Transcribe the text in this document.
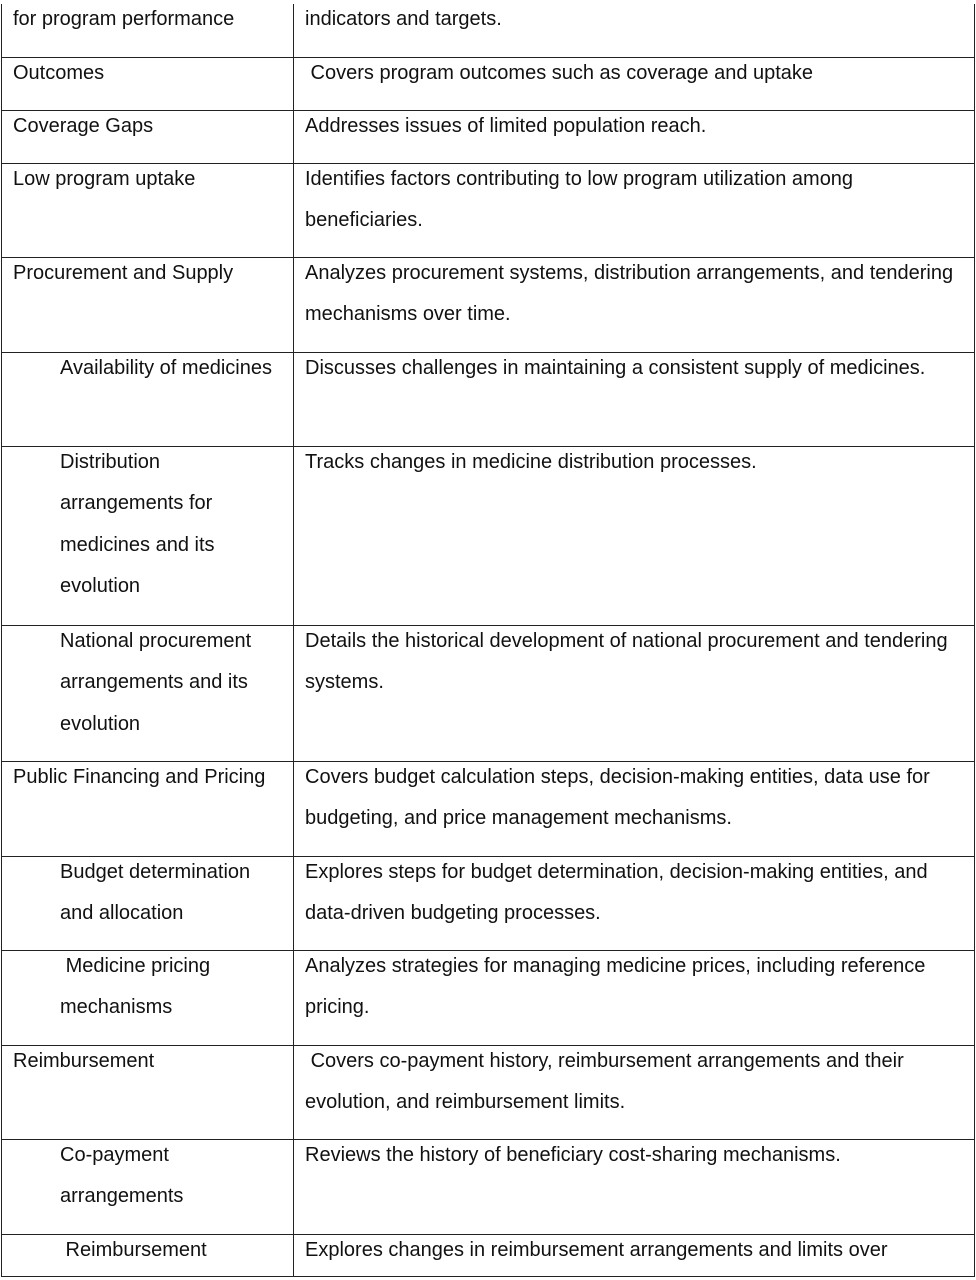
for program performance	indicators and targets.

Outcomes	Covers program outcomes such as coverage and uptake

Coverage Gaps	Addresses issues of limited population reach.

Low program uptake	Identifies factors contributing to low program utilization among beneficiaries.

Procurement and Supply	Analyzes procurement systems, distribution arrangements, and tendering mechanisms over time.

Availability of medicines	Discusses challenges in maintaining a consistent supply of medicines.

Distribution arrangements for medicines and its evolution	Tracks changes in medicine distribution processes.

National procurement arrangements and its evolution	Details the historical development of national procurement and tendering systems.

Public Financing and Pricing	Covers budget calculation steps, decision-making entities, data use for budgeting, and price management mechanisms.

Budget determination and allocation	Explores steps for budget determination, decision-making entities, and data-driven budgeting processes.

Medicine pricing mechanisms	Analyzes strategies for managing medicine prices, including reference pricing.

Reimbursement	Covers co-payment history, reimbursement arrangements and their evolution, and reimbursement limits.

Co-payment arrangements	Reviews the history of beneficiary cost-sharing mechanisms.

Reimbursement	Explores changes in reimbursement arrangements and limits over
